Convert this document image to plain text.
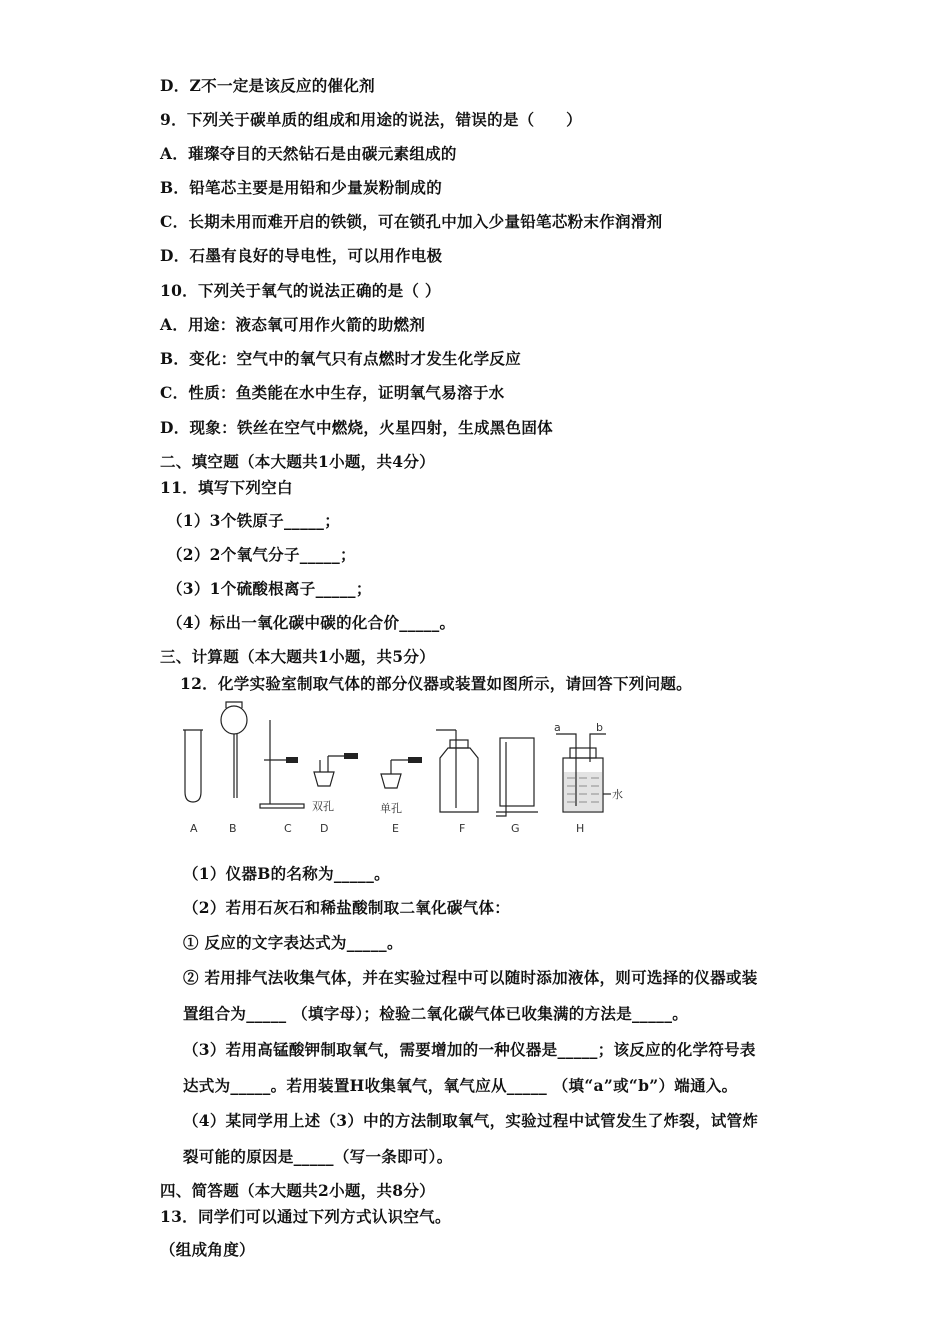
D．Z不一定是该反应的催化剂
9．下列关于碳单质的组成和用途的说法，错误的是（　　）
A．璀璨夺目的天然钻石是由碳元素组成的
B．铅笔芯主要是用铅和少量炭粉制成的
C．长期未用而难开启的铁锁，可在锁孔中加入少量铅笔芯粉末作润滑剂
D．石墨有良好的导电性，可以用作电极
10．下列关于氧气的说法正确的是（ ）
A．用途：液态氧可用作火箭的助燃剂
B．变化：空气中的氧气只有点燃时才发生化学反应
C．性质：鱼类能在水中生存，证明氧气易溶于水
D．现象：铁丝在空气中燃烧，火星四射，生成黑色固体
二、填空题（本大题共1小题，共4分）
11．填写下列空白
（1）3个铁原子_____；
（2）2个氧气分子_____；
（3）1个硫酸根离子_____；
（4）标出一氧化碳中碳的化合价_____。
三、计算题（本大题共1小题，共5分）
12．化学实验室制取气体的部分仪器或装置如图所示，请回答下列问题。
a	b
水
双孔	单孔
A	B	C	D	E	F	G	H
（1）仪器B的名称为_____。
（2）若用石灰石和稀盐酸制取二氧化碳气体：
① 反应的文字表达式为_____。
② 若用排气法收集气体，并在实验过程中可以随时添加液体，则可选择的仪器或装
置组合为_____ （填字母）；检验二氧化碳气体已收集满的方法是_____。
（3）若用高锰酸钾制取氧气，需要增加的一种仪器是_____；该反应的化学符号表
达式为_____。若用装置H收集氧气，氧气应从_____ （填“a”或“b”）端通入。
（4）某同学用上述（3）中的方法制取氧气，实验过程中试管发生了炸裂，试管炸
裂可能的原因是_____（写一条即可）。
四、简答题（本大题共2小题，共8分）
13．同学们可以通过下列方式认识空气。
（组成角度）
